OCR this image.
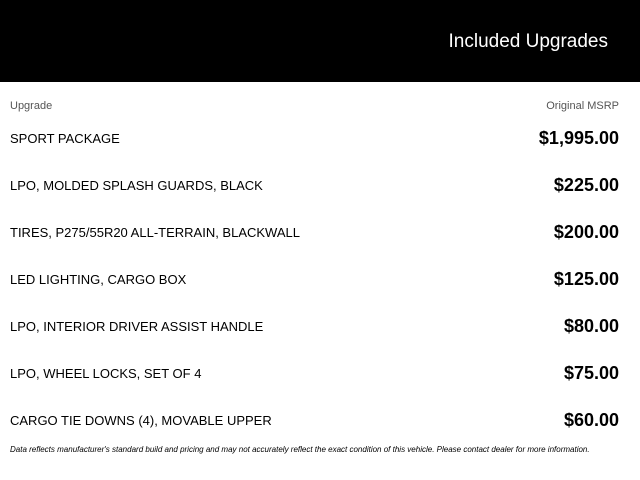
Included Upgrades
Upgrade	Original MSRP
SPORT PACKAGE	$1,995.00
LPO, MOLDED SPLASH GUARDS, BLACK	$225.00
TIRES, P275/55R20 ALL-TERRAIN, BLACKWALL	$200.00
LED LIGHTING, CARGO BOX	$125.00
LPO, INTERIOR DRIVER ASSIST HANDLE	$80.00
LPO, WHEEL LOCKS, SET OF 4	$75.00
CARGO TIE DOWNS (4), MOVABLE UPPER	$60.00
Data reflects manufacturer's standard build and pricing and may not accurately reflect the exact condition of this vehicle. Please contact dealer for more information.
